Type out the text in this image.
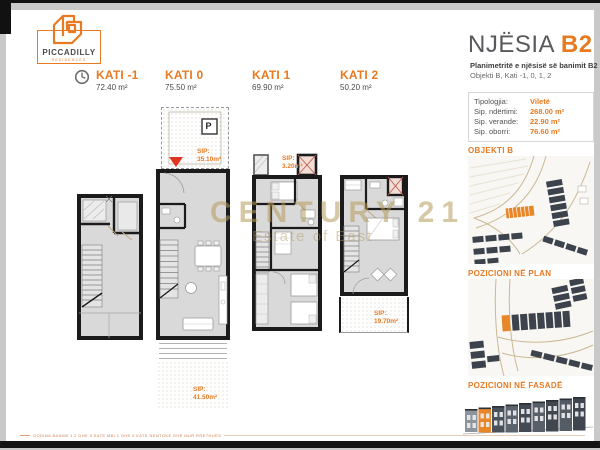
PICCADILLY
RESIDENCES
KATI -1
72.40 m²
KATI 0
75.50 m²
KATI 1
69.90 m²
KATI 2
50.20 m²
P
SIP:
35.10m²
SIP:
41.50m²
SIP:
3.20m²
SIP:
19.70m²
CENTURY 21
Estate of East
NJËSIA B2
Planimetritë e njësisë së banimit B2
Objekti B, Kati -1, 0, 1, 2
Tipologjia:	Viletë
Sip. ndërtimi:	268.00 m²
Sip. verande:	22.90 m²
Sip. oborri:	76.60 m²
OBJEKTI B
POZICIONI NË PLAN
POZICIONI NË FASADË
GODINA BANIMI 1,2 DHE 3 KATE MBI 1 DHE 2 KATE NENTOKE DHE MUR RRETHUES
